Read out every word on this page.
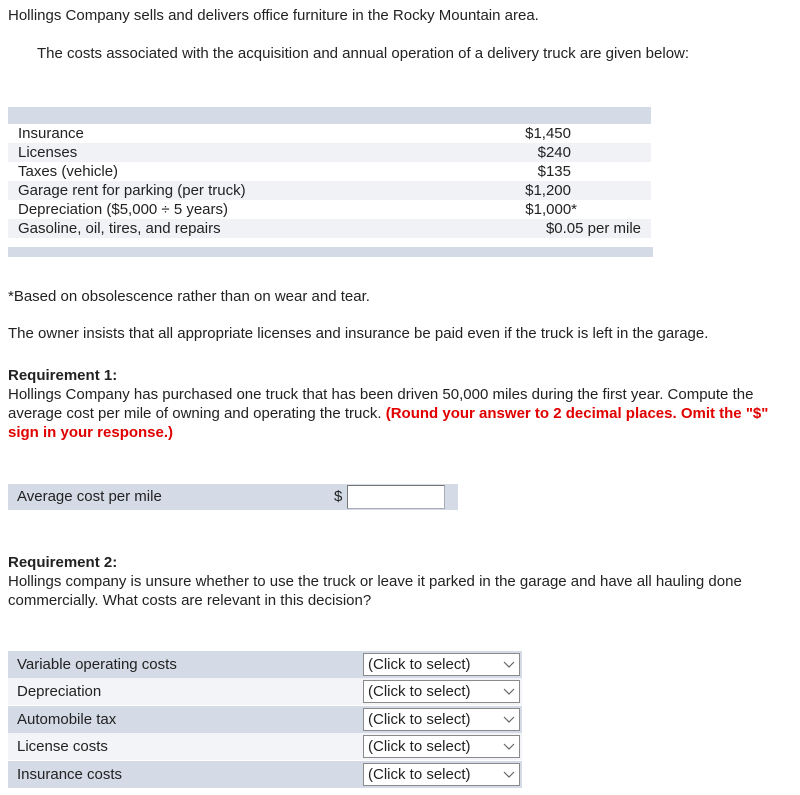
Hollings Company sells and delivers office furniture in the Rocky Mountain area.

The costs associated with the acquisition and annual operation of a delivery truck are given below:

Insurance	$1,450
Licenses	$240
Taxes (vehicle)	$135
Garage rent for parking (per truck)	$1,200
Depreciation ($5,000 ÷ 5 years)	$1,000*
Gasoline, oil, tires, and repairs	$0.05 per mile

*Based on obsolescence rather than on wear and tear.

The owner insists that all appropriate licenses and insurance be paid even if the truck is left in the garage.

Requirement 1:
Hollings Company has purchased one truck that has been driven 50,000 miles during the first year. Compute the average cost per mile of owning and operating the truck. (Round your answer to 2 decimal places. Omit the "$" sign in your response.)
Average cost per mile	$
Requirement 2:
Hollings company is unsure whether to use the truck or leave it parked in the garage and have all hauling done commercially. What costs are relevant in this decision?
Variable operating costs	(Click to select)
Depreciation	(Click to select)
Automobile tax	(Click to select)
License costs	(Click to select)
Insurance costs	(Click to select)
